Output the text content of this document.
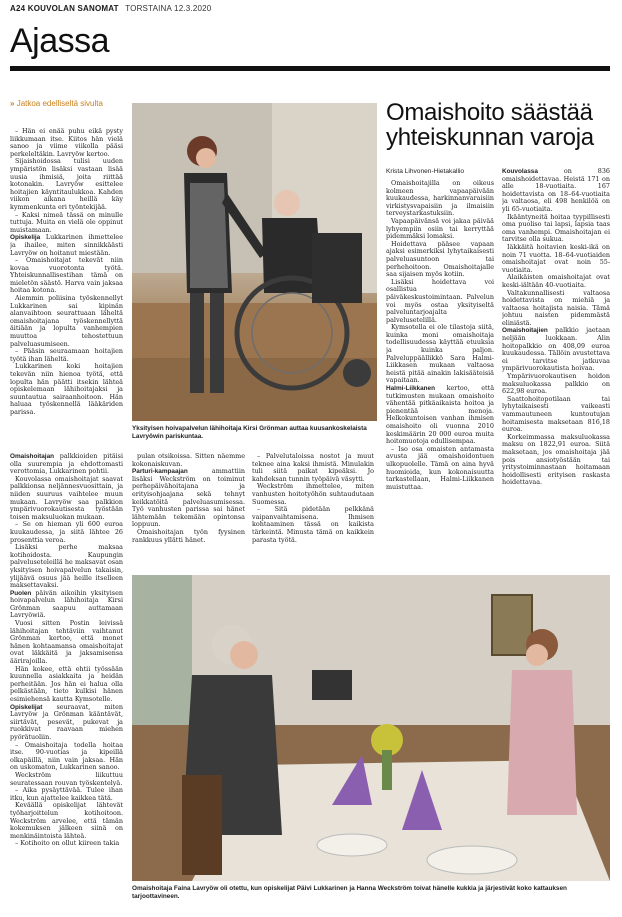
A24 KOUVOLAN SANOMAT TORSTAINA 12.3.2020
Ajassa
» Jatkoa edelliseltä sivulta

– Hän ei enää puhu eikä pysty liikkumaan itse. Kiitos hän vielä sanoo ja viime viikolla pääsi perkeleltäkin. Lavryöw kertoo.

Sijaishoidossa tulisi uuden ympäristön lisäksi vastaan lisää uusia ihmisiä, joita riittää kotonakin. Lavryöw esittelee hoitajien käyntitaulukkoa. Kahden viikon aikana heillä käy kymmenkunta eri työntekijää.

– Kaksi nimeä tässä on minulle tuttuja. Muita en vielä ole oppinut muistamaan.

Opiskelija Lukkarinen ihmettelee ja ihailee, miten sinnikkäästi Lavryöw on hoitanut miestään.

– Omaishoitajat tekevät niin kovaa vuorotonta työtä. Yhteiskunnallisestihan tämä on mieletön säästö. Harva vain jaksaa hoitaa kotona.

Aiemmin poliisina työskennellyt Lukkarinen sai kipinän alanvaihtoon seurattuaan läheltä omaishoitajana työskennellyttä äitiään ja lopulta vanhempien muuttoa tehostettuun palveluasumiseen.

– Pääsin seuraamaan hoitajien työtä ihan läheltä.

Lukkarinen koki hoitajien tekevän niin hienoa työtä, että lopulta hän päätti itsekin lähteä opiskelemaan lähihoitajaksi ja suuntautua sairaanhoitoon. Hän haluaa työskennellä lääkäriden parissa.

Omaishoitajan palkkioiden pitäisi olla suurempia ja ehdottomasti verottomia, Lukkarinen pohtii.

Kouvolassa omaishoitajat saavat palkkionsa neljännesvuosittain, ja niiden suuruus vaihtelee muun mukaan. Lavryöw saa palkkion ympärivuorokautisesta työstään toisen maksuluokan mukaan.

– Se on hieman yli 600 euroa kuukaudessa, ja siitä lähtee 26 prosenttia veroa.

Lisäksi perhe maksaa kotihoidosta. Kaupungin palveluseteleillä he maksavat osan yksityisen hoivapalvelun takaisin, ylijäävä osuus jää heille itselleen maksettavaksi.

Puolen päivän aikoihin yksityisen hoivapalvelun lähihoitaja Kirsi Grönman saapuu auttamaan Lavryöwiä.

Vuosi sitten Postin leivissä lähihoitajan tehtäviin vaihtanut Grönman kertoo, että monet hänen kohtaamansa omaishoitajat ovat läkkäitä ja jaksamisensa äärirajoilla.

Hän kokee, että ehtii työssään kuunnella asiakkaita ja heidän perheitään. Jos hän ei halua olla pelkästään, tieto kulkisi hänen esimiehensä kautta Kymsotelle.

Opiskelijat seuraavat, miten Lavryöw ja Grönman kääntävät, siirtävät, pesevät, pukevat ja ruokkivat raavaan miehen pyörätuoliin.

– Omaishoitaja todella hoitaa itse. 90-vuotias ja kipeillä olkapäillä, niin vain jaksaa. Hän on uskomaton, Lukkarinen sanoo.

Weckström liikuttuu seuratessaan rouvan työskentelyä.

– Aika pysäyttävää. Tulee ihan itku, kun ajattelee kaikkea tätä.

Keväällä opiskelijat lähtevät työharjoittelun kotihoitoon. Weckström arvelee, että tämän kokemuksen jälkeen siinä on menkinäintoista lähteä.

– Kotihoito on ollut kiireen takia

Yksityisen hoivapalvelun lähihoitaja Kirsi Grönman auttaa kuusankoskelaista Lavryöwin pariskuntaa.

pulan otsikoissa. Sitten näemme kokonaiskuvan.

Parturi-kampaajan ammattiin lisäksi Weckström on toiminut perhepäivähoitajana ja erityisohjaajana sekä tehnyt keikkatöitä palveluasumisessa. Työ vanhusten parissa sai hänet lähtemään tekemään opintonsa loppuun.

Omaishoitajan työn fyysinen rankkuus yllätti hänet.

– Palvelutaloissa nostot ja muut teknee aina kaksi ihmistä. Minulakin tuli siitä paikat kipeäksi. Jo kahdeksan tunnin työpäivä väsytti.

Weckström ihmettelee, miten vanhusten hoitotyöhön suhtaudutaan Suomessa.

– Sitä pidetään pelkkänä vaipanvaihtamisena. Ihmisen kohtaaminen tässä on kaikista tärkeintä. Minusta tämä on kaikkein parasta työtä.

Omaishoito säästää yhteiskunnan varoja
Krista Lihvonen-Hietakallio

Omaishoitajilla on oikeus kolmeen vapaapäivään kuukaudessa, harkinnanvaraisiin virkistysvapaisiin ja ilmaisiin terveystarkastuksiin.

Vapaapäivänsä voi jakaa päivää lyhyempiin osiin tai kerryttää pidemmäksi lomaksi.

Hoidettava pääsee vapaan ajaksi esimerkiksi lyhytaikaisesti palveluasuntoon tai perhehoitoon. Omaishoitajalle saa sijaisen myös kotiin.

Lisäksi hoidettava voi osallistua päiväkeskustoimintaan. Palvelun voi myös ostaa yksityiseltä palveluntarjoajalta palvelusetelillä.

Kymsotella ei ole tilastoja siitä, kuinka moni omaishoitaja todellisuudessa käyttää etuuksia ja kuinka paljon. Palveluppäällikkö Sara Halmi-Liikkasen mukaan valtaosa heistä pitää ainakin lakisääteisiä vapaitaan.

Halmi-Liikkanen kertoo, että tutkimusten mukaan omaishoito vähentää pitkäaikaista hoitoa ja pienentää menoja. Helkokuntoisen vanhan ihmisen omaishoito oli vuonna 2010 keskimäärin 20 000 euroa muita hoitomuotoja edullisempaa.

– Iso osa omaisten antamasta avusta jää omaishoidontuen ulkopuolelle. Tämä on aina hyvä huomioida, kun kokonaisuutta tarkastellaan, Halmi-Liikkanen muistuttaa.

Kouvolassa on 836 omaishoidettavaa. Heistä 171 on alle 18-vuotiaita. 167 hoidettavista on 18–64-vuotiaita ja valtaosa, eli 498 henkilöä on yli 65-vuotiaita.

Ikääntyneitä hoitaa tyypillisesti oma puoliso tai lapsi, lapsia taas oma vanhempi. Omaishoitajan ei tarvitse olla sukua.

Iäkkäitä hoitavien keski-ikä on noin 71 vuotta. 18–64-vuotiaiden omaishoitajat ovat noin 55-vuotiaita.

Alaikäisten omaishoitajat ovat keski-iältään 40-vuotiaita.

Valtakunnallisesti valtaosa hoidettavista on miehiä ja valtaosa hoitajista naisia. Tämä johtuu naisten pidemmästä eliniästä.

Omaishoitajien palkkio jaetaan neljään luokkaan. Alin hoitopalkkio on 408,09 euroa kuukaudessa. Tällöin avustettava ei tarvitse jatkuvaa ympärivuorokautista hoivaa.

Ympärivuorokautisen hoidon maksuluokassa palkkio on 622,98 euroa.

Saattohoitopotilaan tai lyhytaikaisesti vaikeasti vammautuneen kuntoutujan hoitamisesta maksetaan 816,18 euroa.

Korkeimmassa maksuluokassa maksu on 1822,91 euroa. Siitä maksetaan, jos omaishoitaja jää pois ansiotyöstään tai yritystoiminnastaan hoitamaan hoidollisesti erityisen raskasta hoidettavaa.

Omaishoitaja Faina Lavryöw oli otettu, kun opiskelijat Päivi Lukkarinen ja Hanna Weckström toivat hänelle kukkia ja järjestivät koko kattauksen tarjoottavineen.
